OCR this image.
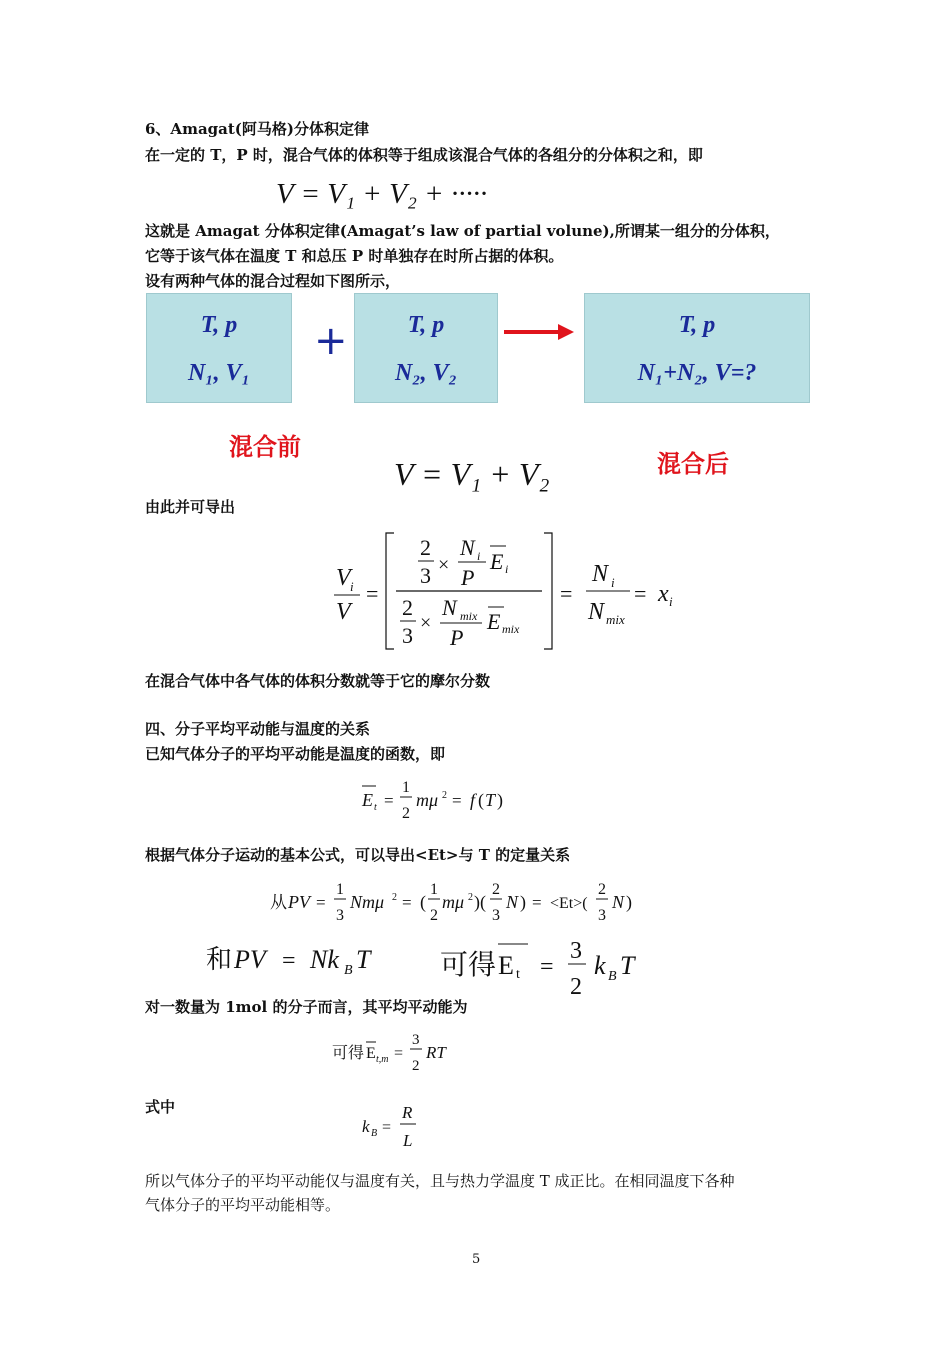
6、Amagat(阿马格)分体积定律
在一定的 T，P 时，混合气体的体积等于组成该混合气体的各组分的分体积之和，即
V = V₁ + V₂ + ·····
这就是 Amagat 分体积定律(Amagat’s law of partial volune),所谓某一组分的分体积，
它等于该气体在温度 T 和总压 P 时单独存在时所占据的体积。
设有两种气体的混合过程如下图所示，
T, p
N₁, V₁
+	T, p
N₂, V₂
T, p
N₁+N₂, V=?
混合前
混合后
V = V₁ + V₂
由此并可导出
V i
V
=
2
3 ×
N i
P
E i
2
3 ×
N mix
P
E mix
=
N i
N mix
= x i
在混合气体中各气体的体积分数就等于它的摩尔分数
四、分子平均平动能与温度的关系
已知气体分子的平均平动能是温度的函数，即
E t =
1
2
mμ 2 = f ( T )
根据气体分子运动的基本公式，可以导出<Et>与 T 的定量关系
从 PV =
1
3
Nmμ 2 = (
1
2
mμ 2 )(
2
3
N ) = <Et>(
2
3
N )
和 PV = Nk B T 可得 E t =
3
2
k B T
对一数量为 1mol 的分子而言，其平均平动能为
可得 E t,m =
3
2
RT
式中
k B =
R
L
所以气体分子的平均平动能仅与温度有关，且与热力学温度 T 成正比。在相同温度下各种
气体分子的平均平动能相等。
5
